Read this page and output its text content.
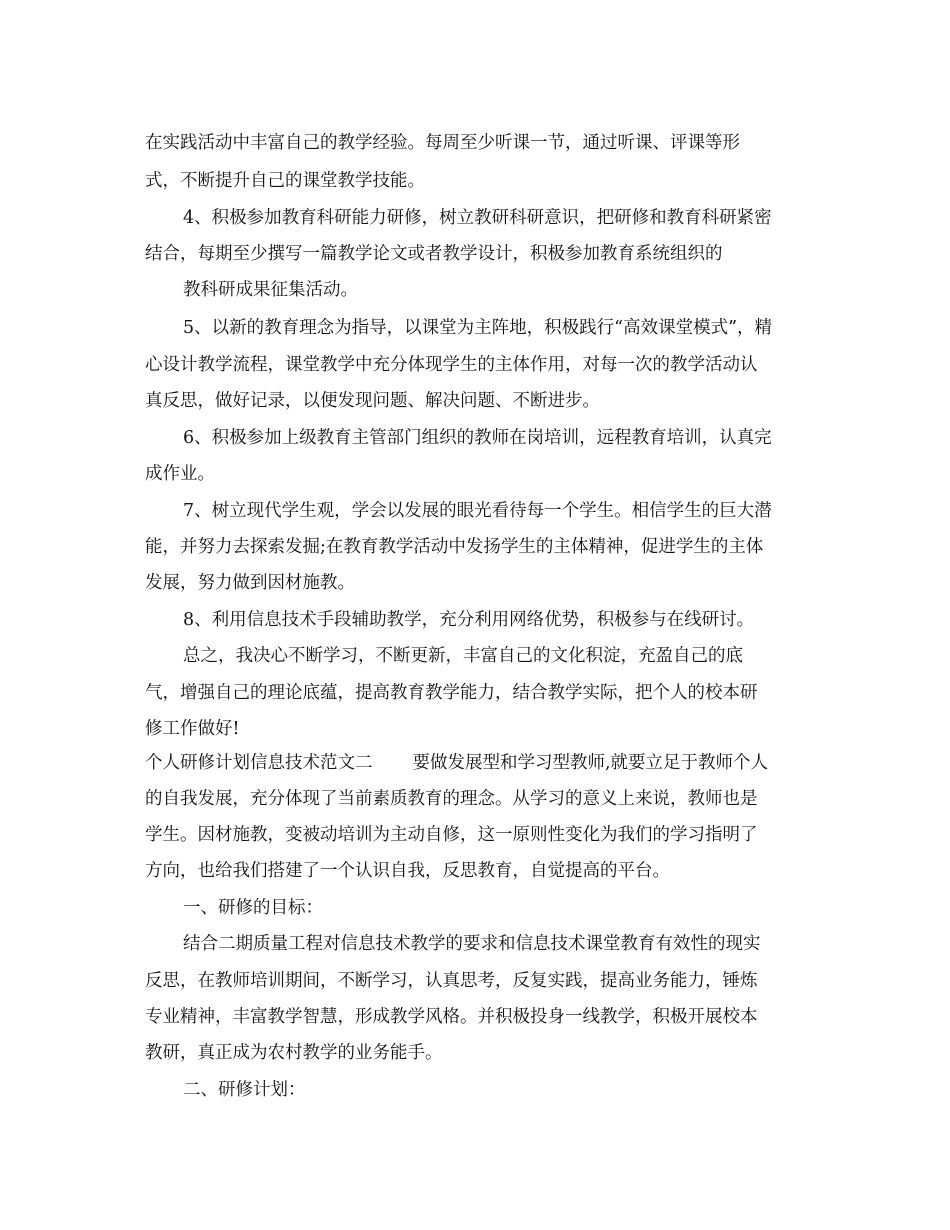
在实践活动中丰富自己的教学经验。每周至少听课一节，通过听课、评课等形
式，不断提升自己的课堂教学技能。
4、积极参加教育科研能力研修，树立教研科研意识，把研修和教育科研紧密
结合，每期至少撰写一篇教学论文或者教学设计，积极参加教育系统组织的
教科研成果征集活动。
5、以新的教育理念为指导，以课堂为主阵地，积极践行“高效课堂模式”，精
心设计教学流程，课堂教学中充分体现学生的主体作用，对每一次的教学活动认
真反思，做好记录，以便发现问题、解决问题、不断进步。
6、积极参加上级教育主管部门组织的教师在岗培训，远程教育培训，认真完
成作业。
7、树立现代学生观，学会以发展的眼光看待每一个学生。相信学生的巨大潜
能，并努力去探索发掘;在教育教学活动中发扬学生的主体精神，促进学生的主体
发展，努力做到因材施教。
8、利用信息技术手段辅助教学，充分利用网络优势，积极参与在线研讨。
总之，我决心不断学习，不断更新，丰富自己的文化积淀，充盈自己的底
气，增强自己的理论底蕴，提高教育教学能力，结合教学实际，把个人的校本研
修工作做好!
个人研修计划信息技术范文二 要做发展型和学习型教师,就要立足于教师个人
的自我发展，充分体现了当前素质教育的理念。从学习的意义上来说，教师也是
学生。因材施教，变被动培训为主动自修，这一原则性变化为我们的学习指明了
方向，也给我们搭建了一个认识自我，反思教育，自觉提高的平台。
一、研修的目标：
结合二期质量工程对信息技术教学的要求和信息技术课堂教育有效性的现实
反思，在教师培训期间，不断学习，认真思考，反复实践，提高业务能力，锤炼
专业精神，丰富教学智慧，形成教学风格。并积极投身一线教学，积极开展校本
教研，真正成为农村教学的业务能手。
二、研修计划：
